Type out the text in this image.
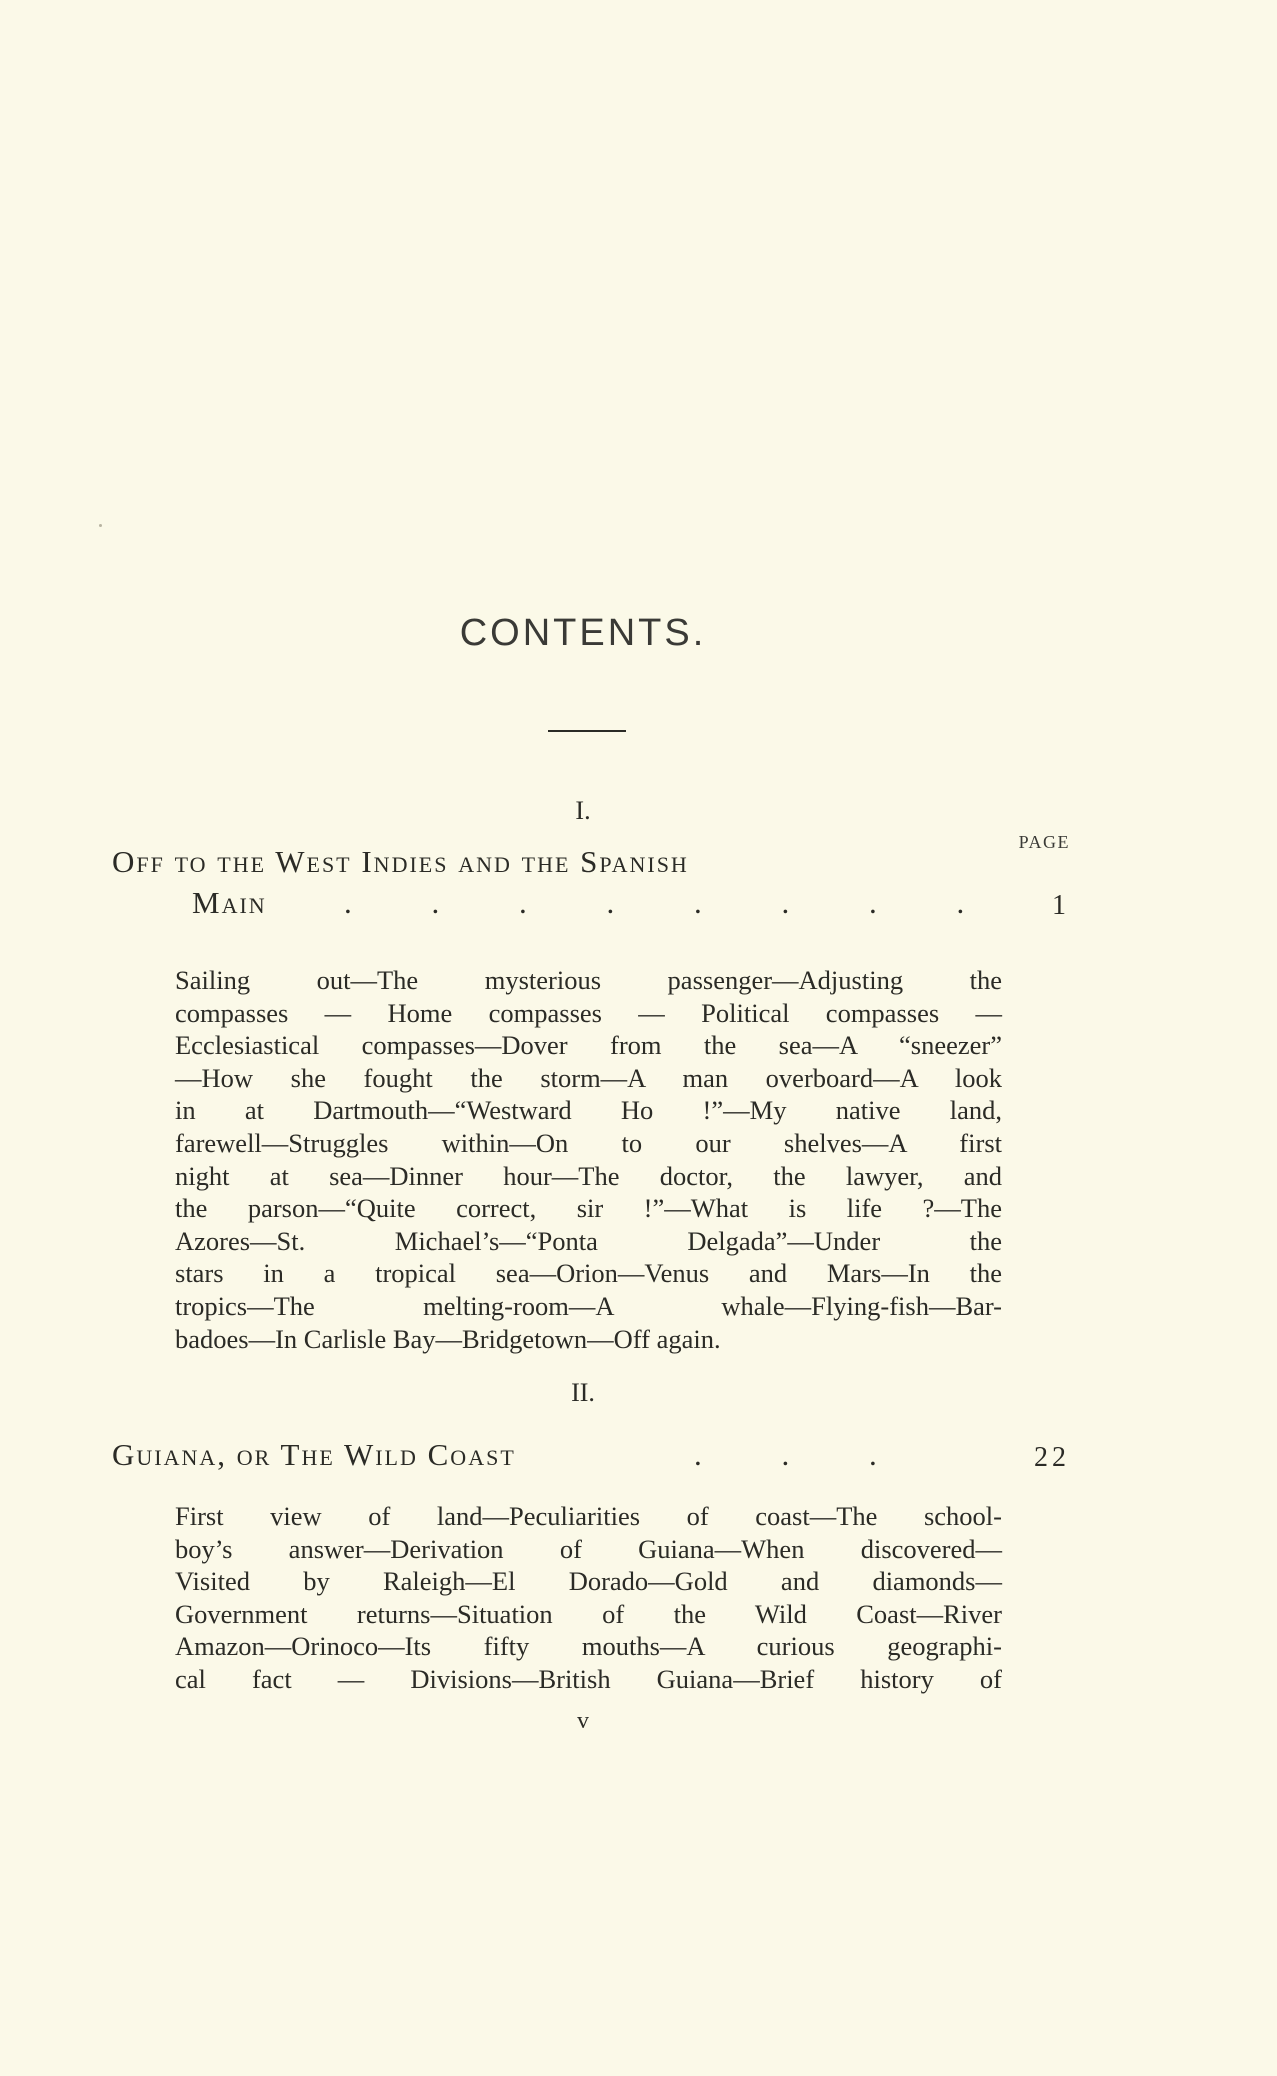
CONTENTS.
I.
PAGE
Off to the West Indies and the Spanish
Main . . . . . . . .	1
Sailing out—The mysterious passenger—Adjusting the
compasses — Home compasses — Political compasses —
Ecclesiastical compasses—Dover from the sea—A “sneezer”
—How she fought the storm—A man overboard—A look
in at Dartmouth—“Westward Ho !”—My native land,
farewell—Struggles within—On to our shelves—A first
night at sea—Dinner hour—The doctor, the lawyer, and
the parson—“Quite correct, sir !”—What is life ?—The
Azores—St. Michael’s—“Ponta Delgada”—Under the
stars in a tropical sea—Orion—Venus and Mars—In the
tropics—The melting-room—A whale—Flying-fish—Bar-
badoes—In Carlisle Bay—Bridgetown—Off again.
II.
Guiana, or The Wild Coast	. . .	22
First view of land—Peculiarities of coast—The school-
boy’s answer—Derivation of Guiana—When discovered—
Visited by Raleigh—El Dorado—Gold and diamonds—
Government returns—Situation of the Wild Coast—River
Amazon—Orinoco—Its fifty mouths—A curious geographi-
cal fact — Divisions—British Guiana—Brief history of
v
